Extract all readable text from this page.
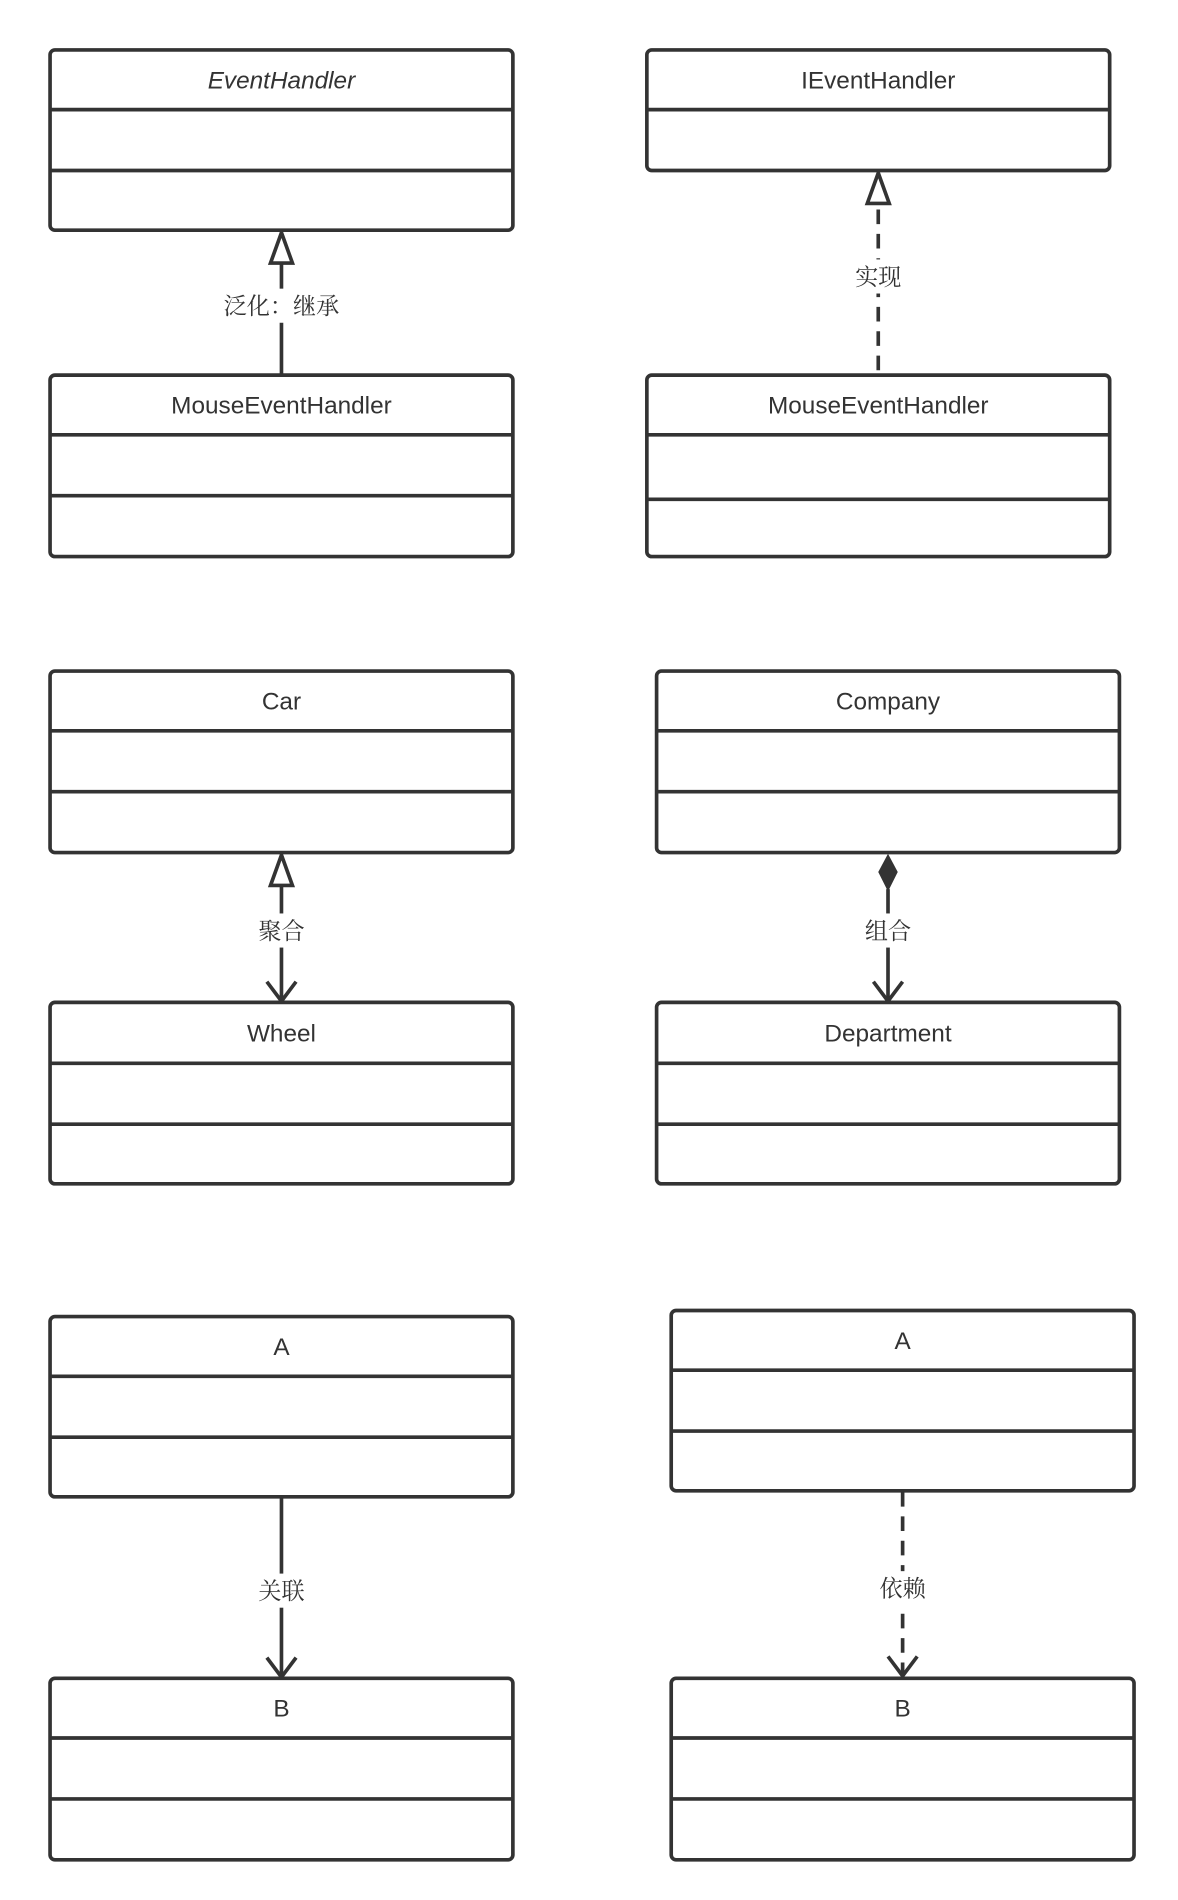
EventHandler	IEventHandler
MouseEventHandler	MouseEventHandler
Car	Company
Wheel	Department
A
B
A
B
泛化：继承
实现
聚合	组合
关联	依赖
